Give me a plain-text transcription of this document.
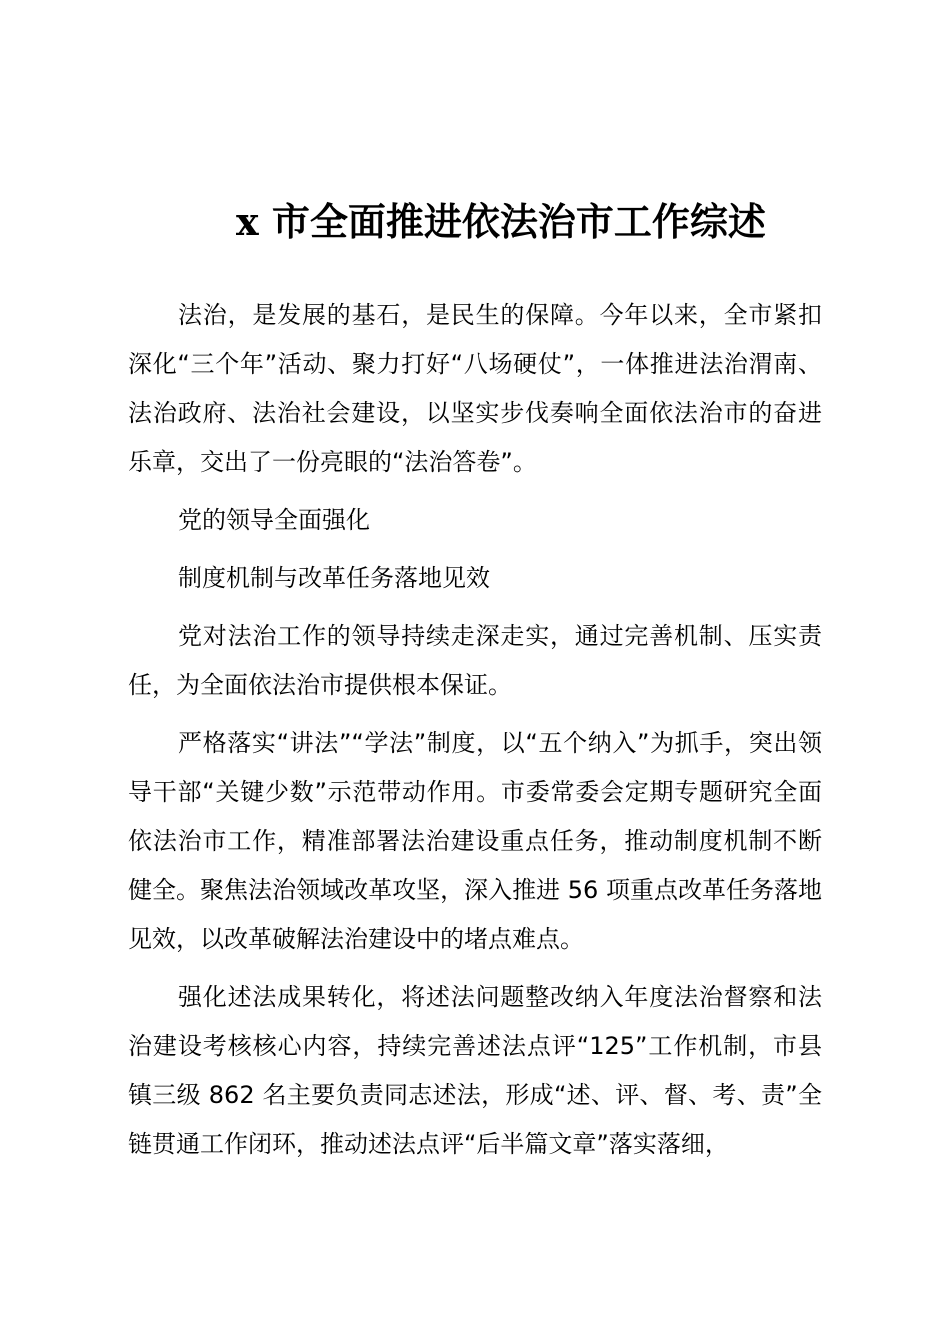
x 市全面推进依法治市工作综述

法治，是发展的基石，是民生的保障。今年以来，全市紧扣深化“三个年”活动、聚力打好“八场硬仗”，一体推进法治渭南、法治政府、法治社会建设，以坚实步伐奏响全面依法治市的奋进乐章，交出了一份亮眼的“法治答卷”。

党的领导全面强化

制度机制与改革任务落地见效

党对法治工作的领导持续走深走实，通过完善机制、压实责任，为全面依法治市提供根本保证。

严格落实“讲法”“学法”制度，以“五个纳入”为抓手，突出领导干部“关键少数”示范带动作用。市委常委会定期专题研究全面依法治市工作，精准部署法治建设重点任务，推动制度机制不断健全。聚焦法治领域改革攻坚，深入推进 56 项重点改革任务落地见效，以改革破解法治建设中的堵点难点。

强化述法成果转化，将述法问题整改纳入年度法治督察和法治建设考核核心内容，持续完善述法点评“125”工作机制，市县镇三级 862 名主要负责同志述法，形成“述、评、督、考、责”全链贯通工作闭环，推动述法点评“后半篇文章”落实落细，
